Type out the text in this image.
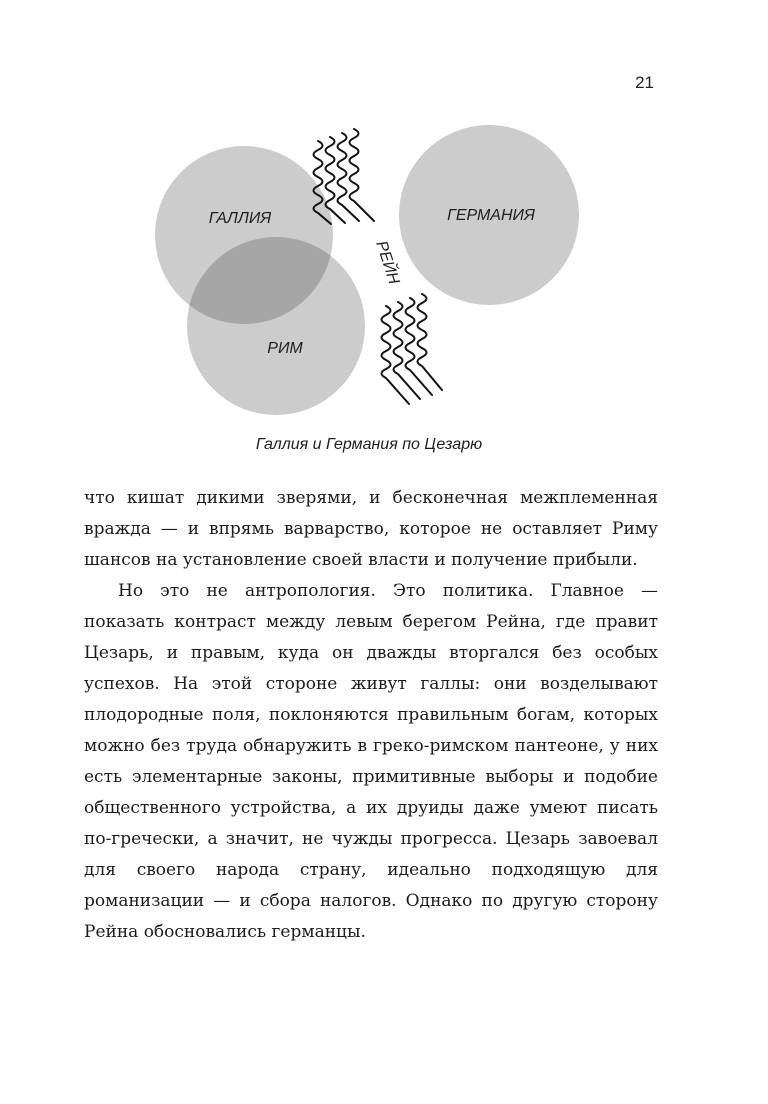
21
ГАЛЛИЯ	ГЕРМАНИЯ
РИМ
РЕЙН
Галлия и Германия по Цезарю

что кишат дикими зверями, и бесконечная межплеменная вражда — и впрямь варварство, которое не оставляет Риму шансов на установление своей власти и получение прибыли.

Но это не антропология. Это политика. Главное — показать контраст между левым берегом Рейна, где правит Цезарь, и правым, куда он дважды вторгался без особых успехов. На этой стороне живут галлы: они возделывают плодородные поля, поклоняются правильным богам, которых можно без труда обнаружить в греко-римском пантеоне, у них есть элементарные законы, примитивные выборы и подобие общественного устройства, а их друиды даже умеют писать по-гречески, а значит, не чужды прогресса. Цезарь завоевал для своего народа страну, идеально подходящую для романизации — и сбора налогов. Однако по другую сторону Рейна обосновались германцы.
